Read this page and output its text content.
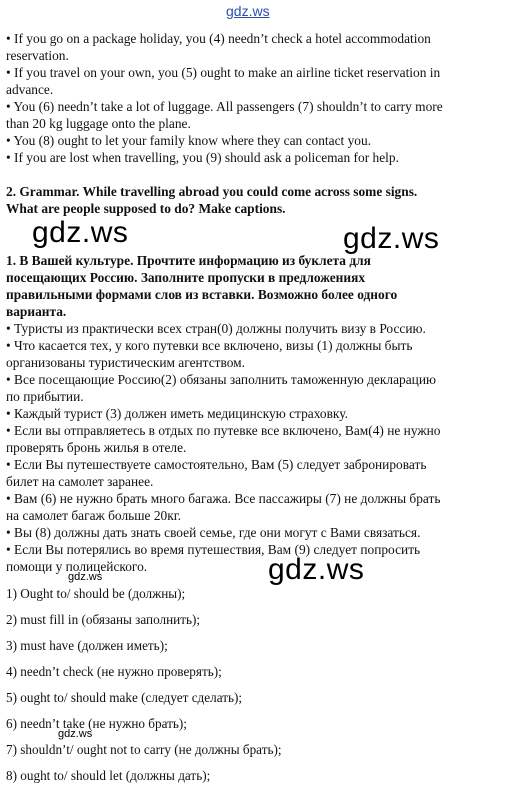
gdz.ws
• If you go on a package holiday, you (4) needn’t check a hotel accommodation
reservation.
• If you travel on your own, you (5) ought to make an airline ticket reservation in
advance.
• You (6) needn’t take a lot of luggage. All passengers (7) shouldn’t to carry more
than 20 kg luggage onto the plane.
• You (8) ought to let your family know where they can contact you.
• If you are lost when travelling, you (9) should ask a policeman for help.
2. Grammar. While travelling abroad you could come across some signs.
What are people supposed to do? Make captions.
gdz.ws	gdz.ws
1. В Вашей культуре. Прочтите информацию из буклета для
посещающих Россию. Заполните пропуски в предложениях
правильными формами слов из вставки. Возможно более одного
варианта.
• Туристы из практически всех стран(0) должны получить визу в Россию.
• Что касается тех, у кого путевки все включено, визы (1) должны быть
организованы туристическим агентством.
• Все посещающие Россию(2) обязаны заполнить таможенную декларацию
по прибытии.
• Каждый турист (3) должен иметь медицинскую страховку.
• Если вы отправляетесь в отдых по путевке все включено, Вам(4) не нужно
проверять бронь жилья в отеле.
• Если Вы путешествуете самостоятельно, Вам (5) следует забронировать
билет на самолет заранее.
• Вам (6) не нужно брать много багажа. Все пассажиры (7) не должны брать
на самолет багаж больше 20кг.
• Вы (8) должны дать знать своей семье, где они могут с Вами связаться.
• Если Вы потерялись во время путешествия, Вам (9) следует попросить
помощи у полицейского.	gdz.ws
gdz.ws
1) Ought to/ should be (должны);
2) must fill in (обязаны заполнить);
3) must have (должен иметь);
4) needn’t check (не нужно проверять);
5) ought to/ should make (следует сделать);
6) needn’t take (не нужно брать);
gdz.ws
7) shouldn’t/ ought not to carry (не должны брать);
8) ought to/ should let (должны дать);
